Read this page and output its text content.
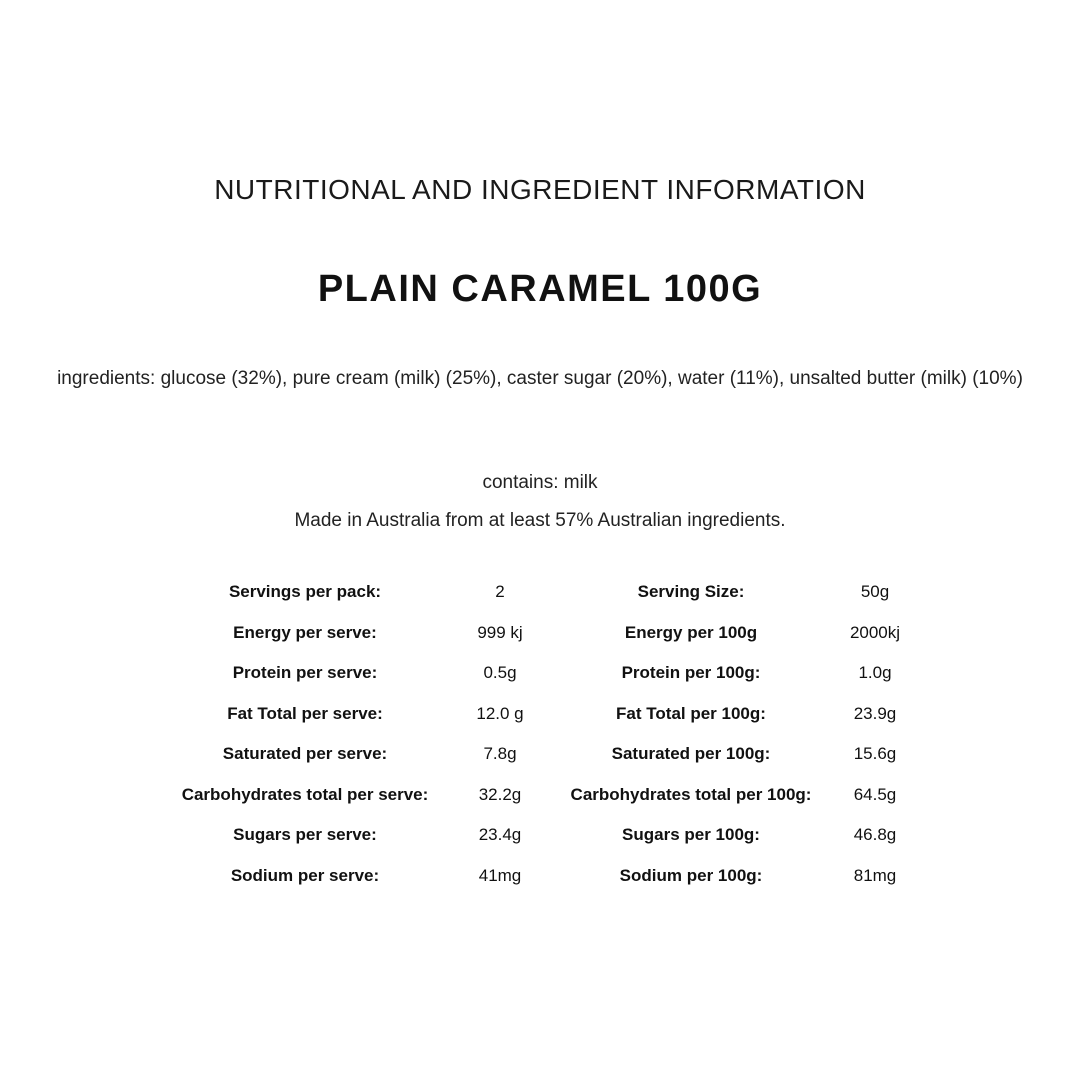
NUTRITIONAL AND INGREDIENT INFORMATION
PLAIN CARAMEL 100G
ingredients: glucose (32%), pure cream (milk) (25%), caster sugar (20%), water (11%), unsalted butter (milk) (10%)
contains: milk
Made in Australia from at least 57% Australian ingredients.
Servings per pack:	2	Serving Size:	50g
Energy per serve:	999 kj	Energy per 100g	2000kj
Protein per serve:	0.5g	Protein per 100g:	1.0g
Fat Total per serve:	12.0 g	Fat Total per 100g:	23.9g
Saturated per serve:	7.8g	Saturated per 100g:	15.6g
Carbohydrates total per serve:	32.2g	Carbohydrates total per 100g:	64.5g
Sugars per serve:	23.4g	Sugars per 100g:	46.8g
Sodium per serve:	41mg	Sodium per 100g:	81mg
